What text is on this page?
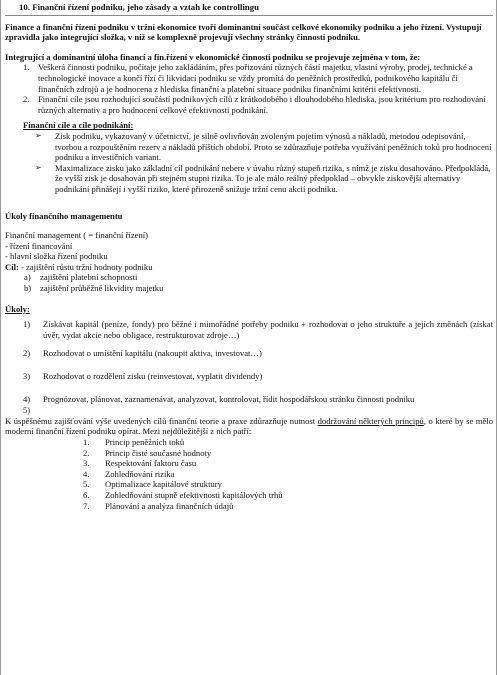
10. Finanční řízení podniku, jeho zásady a vztah ke controllingu

Finance a finanční řízení podniku v tržní ekonomice tvoří dominantní součást celkové ekonomiky podniku a jeho řízení. Vystupují zpravidla jako integrující složka, v níž se komplexně projevují všechny stránky činnosti podniku.

Integrující a dominantní úloha financí a fin.řízení v ekonomické činnosti podniku se projevuje zejména v tom, že:

1. Veškerá činnosti podniku, počítaje jeho zakládáním, přes pořizování různých částí majetku, vlastní výroby, prodej, technické a technologické inovace a končí řízí či likvidací podniku se vždy promítá do peněžních prostředků, podnikového kapitálu či finančních zdrojů a je hodnocena z hlediska finanční a platební situace podniku finančními kritérii efektivnosti.
2. Finanční cíle jsou rozhodující součástí podnikových cílů z krátkodobého i dlouhodobého hlediska, jsou kritérium pro rozhodování různých alternativ a pro hodnocení celkové efektivnosti podnikání.

Finanční cíle a cíle podnikání:

➢	Zisk podniku, vykazovaný v účetnictví, je silně ovlivňován zvoleným pojetím výnosů a nákladů, metodou odepisování, tvorbou a rozpouštěním rezerv a nákladů příštích období. Proto se zdůrazňuje potřeba využívání peněžních toků pro hodnocení podniku a investičních variant.
➢	Maximalizace zisku jako základní cíl podnikání nebere v úvahu různý stupeň rizika, s nímž je zisku dosahováno. Předpokládá, že vyšší zisk je dosahován při stejném stupni rizika. To je ale málo reálný předpoklad – obvykle ziskovější alternativy podnikání přinášejí i vyšší riziko, které přirozeně snižuje tržní cenu akcií podniku.

Úkoly finančního managementu

Finanční management ( = finanční řízení)

- řízení financování

- hlavní složka řízení podniku

Cíl: - zajištění růstu tržní hodnoty podniku

a)	zajištění platební schopnosti
b)	zajištění průběžné likvidity majetku

Úkoly:

1)	Získávat kapitál (peníze, fondy) pro běžné i mimořádné potřeby podniku + rozhodovat o jeho struktuře a jejích změnách (získat úvěr, vydat akcie nebo obligace, restrukturovat zdroje…)
2)	Rozhodovat o umístění kapitálu (nakoupit aktiva, investovat…)
3)	Rozhodovat o rozdělení zisku (reinvestovat, vyplatit dividendy)
4)	Prognózovat, plánovat, zaznamenávat, analyzovat, kontrolovat, řídit hospodářskou stránku činnosti podniku
5)

K úspěšnému zajišťování výše uvedených cílů finanční teorie a praxe zdůrazňuje nutnost dodržování některých principů, o které by se mělo moderní finanční řízení podniku opírat. Mezi nejdůležitější z nich patří:

1.	Princip peněžních toků
2.	Princip čisté současné hodnoty
3.	Respektování faktoru času
4.	Zohledňování rizika
5.	Optimalizace kapitálové struktury
6.	Zohledňování stupně efektivnosti kapitálových trhů
7.	Plánování a analýza finančních údajů
